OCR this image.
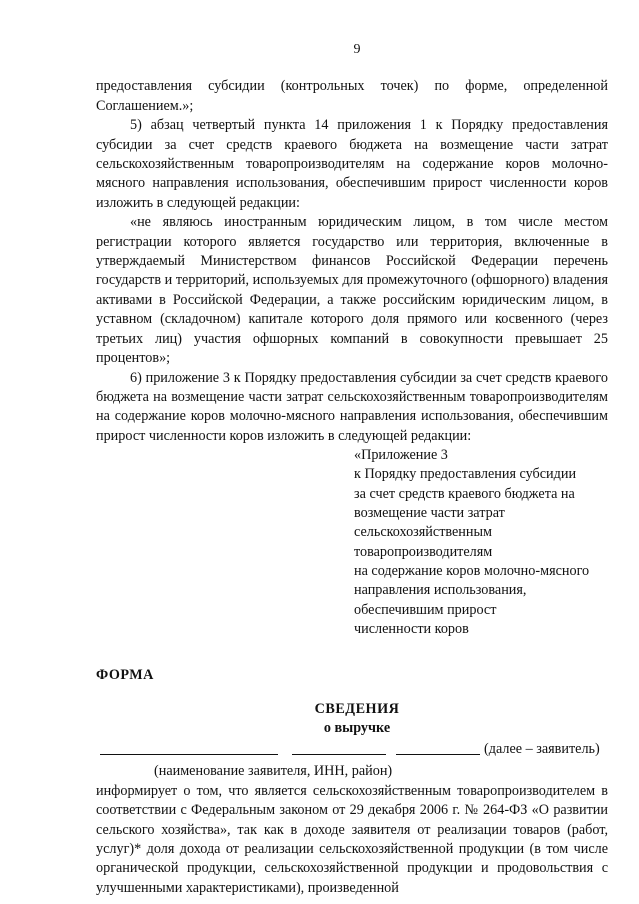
9

предоставления субсидии (контрольных точек) по форме, определенной Соглашением.»;

5) абзац четвертый пункта 14 приложения 1 к Порядку предоставления субсидии за счет средств краевого бюджета на возмещение части затрат сельскохозяйственным товаропроизводителям на содержание коров молочно-мясного направления использования, обеспечившим прирост численности коров изложить в следующей редакции:

«не являюсь иностранным юридическим лицом, в том числе местом регистрации которого является государство или территория, включенные в утверждаемый Министерством финансов Российской Федерации перечень государств и территорий, используемых для промежуточного (офшорного) владения активами в Российской Федерации, а также российским юридическим лицом, в уставном (складочном) капитале которого доля прямого или косвенного (через третьих лиц) участия офшорных компаний в совокупности превышает 25 процентов»;

6) приложение 3 к Порядку предоставления субсидии за счет средств краевого бюджета на возмещение части затрат сельскохозяйственным товаропроизводителям на содержание коров молочно-мясного направления использования, обеспечившим прирост численности коров изложить в следующей редакции:

«Приложение 3
к Порядку предоставления субсидии
за счет средств краевого бюджета на
возмещение части затрат
сельскохозяйственным
товаропроизводителям
на содержание коров молочно-мясного
направления использования,
обеспечившим прирост
численности коров
ФОРМА
СВЕДЕНИЯ
о выручке
(далее – заявитель)
(наименование заявителя, ИНН, район)

информирует о том, что является сельскохозяйственным товаропроизводителем в соответствии с Федеральным законом от 29 декабря 2006 г. № 264-ФЗ «О развитии сельского хозяйства», так как в доходе заявителя от реализации товаров (работ, услуг)* доля дохода от реализации сельскохозяйственной продукции (в том числе органической продукции, сельскохозяйственной продукции и продовольствия с улучшенными характеристиками), произведенной
